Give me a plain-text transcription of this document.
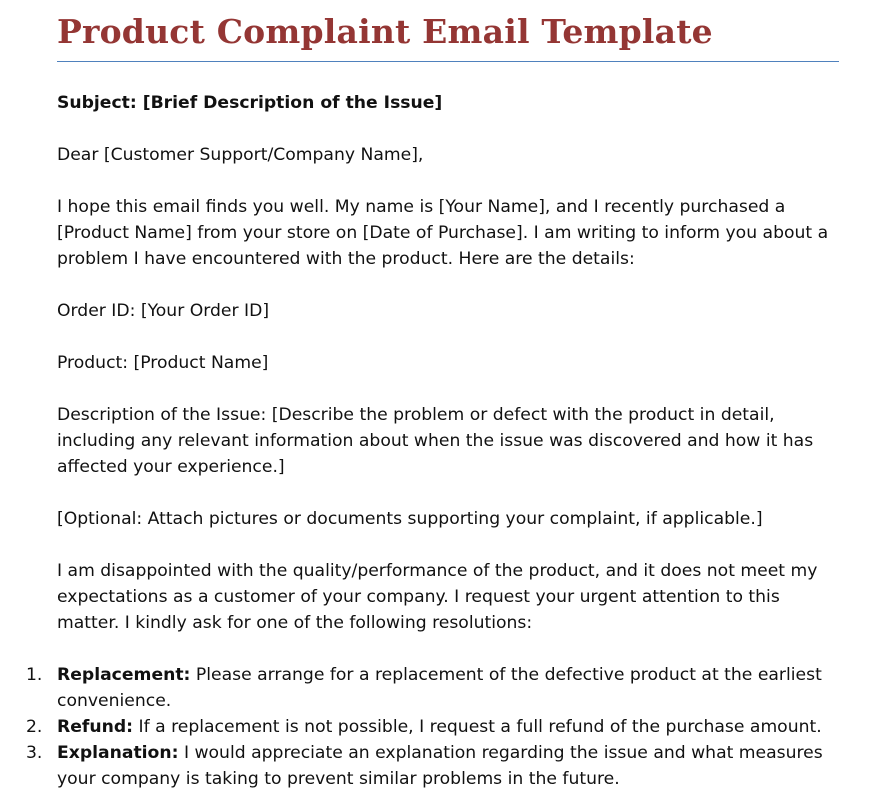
Product Complaint Email Template

Subject: [Brief Description of the Issue]

Dear [Customer Support/Company Name],

I hope this email finds you well. My name is [Your Name], and I recently purchased a [Product Name] from your store on [Date of Purchase]. I am writing to inform you about a problem I have encountered with the product. Here are the details:

Order ID: [Your Order ID]

Product: [Product Name]

Description of the Issue: [Describe the problem or defect with the product in detail, including any relevant information about when the issue was discovered and how it has affected your experience.]

[Optional: Attach pictures or documents supporting your complaint, if applicable.]

I am disappointed with the quality/performance of the product, and it does not meet my expectations as a customer of your company. I request your urgent attention to this matter. I kindly ask for one of the following resolutions:

1. Replacement: Please arrange for a replacement of the defective product at the earliest convenience.
2. Refund: If a replacement is not possible, I request a full refund of the purchase amount.
3. Explanation: I would appreciate an explanation regarding the issue and what measures your company is taking to prevent similar problems in the future.
